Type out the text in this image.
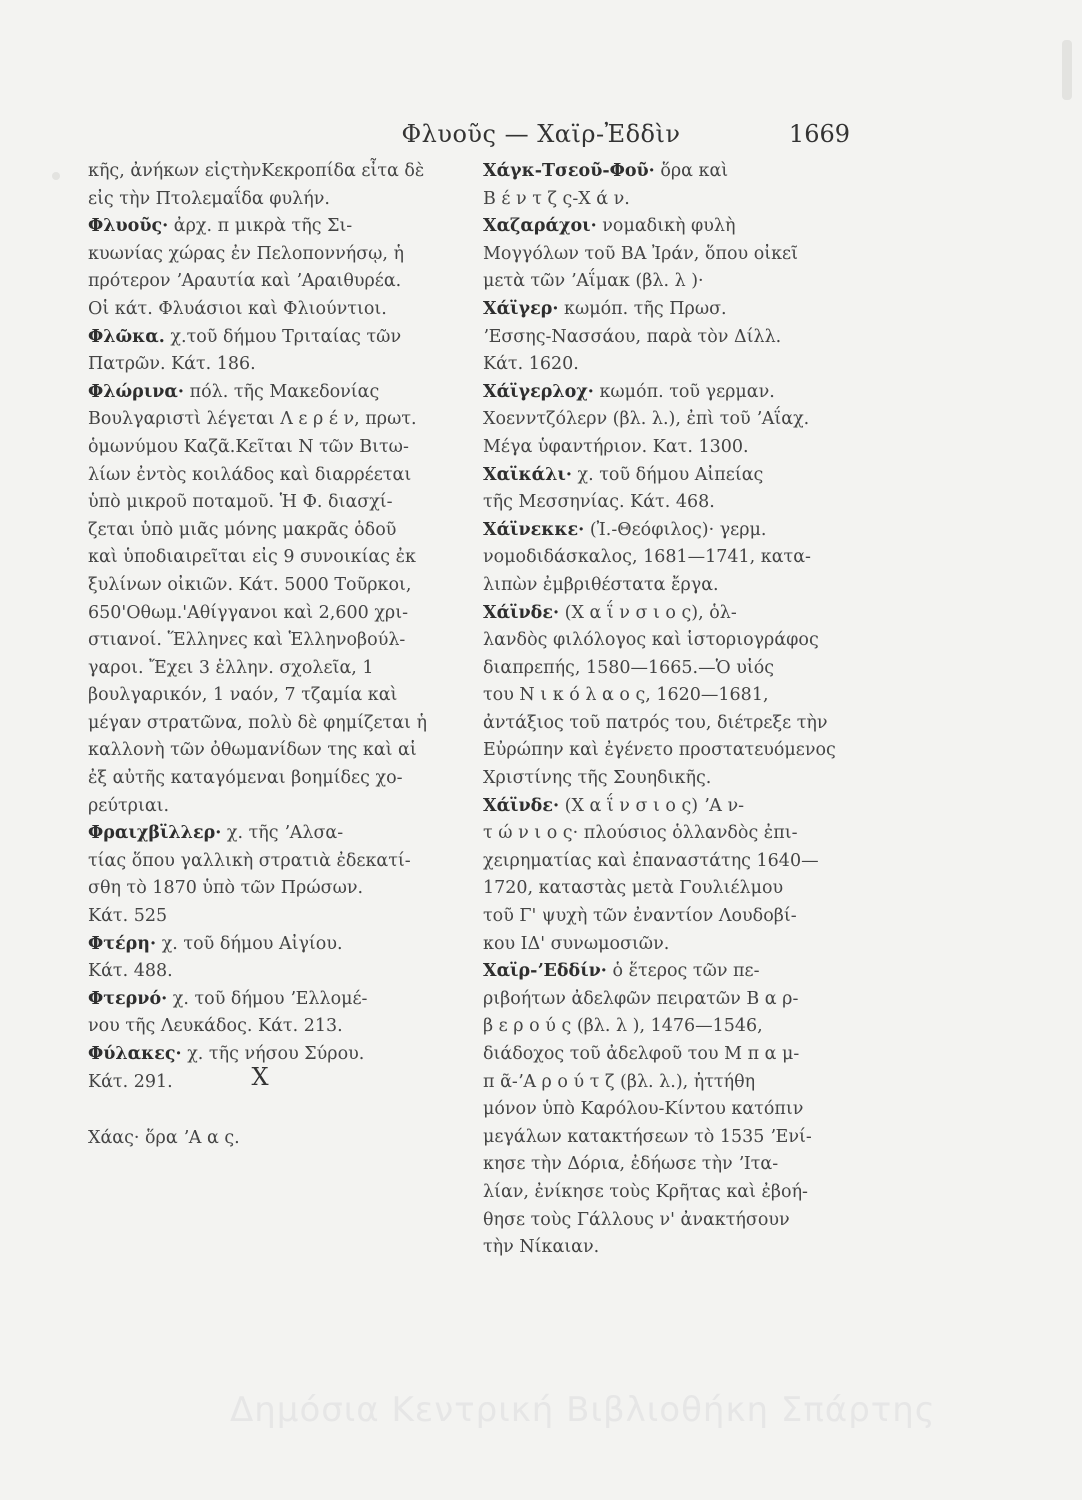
Φλυοῦς — Χαϊρ-Ἐδδὶν	1669
κῆς, ἀνήκων εἰςτὴνΚεκροπίδα εἶτα δὲ
εἰς τὴν Πτολεμαΐδα φυλήν.
Φλυοῦς· ἀρχ. π μικρὰ τῆς Σι-
κυωνίας χώρας ἐν Πελοποννήσῳ, ἡ
πρότερον ʼΑραυτία καὶ ʼΑραιθυρέα.
Οἱ κάτ. Φλυάσιοι καὶ Φλιούντιοι.
Φλῶκα. χ.τοῦ δήμου Τριταίας τῶν
Πατρῶν. Κάτ. 186.
Φλώρινα· πόλ. τῆς Μακεδονίας
Βουλγαριστὶ λέγεται Λ ε ρ έ ν, πρωτ.
ὁμωνύμου Καζᾶ.Κεῖται Ν τῶν Βιτω-
λίων ἐντὸς κοιλάδος καὶ διαρρέεται
ὑπὸ μικροῦ ποταμοῦ. Ἡ Φ. διασχί-
ζεται ὑπὸ μιᾶς μόνης μακρᾶς ὁδοῦ
καὶ ὑποδιαιρεῖται εἰς 9 συνοικίας ἐκ
ξυλίνων οἰκιῶν. Κάτ. 5000 Τοῦρκοι,
650'Οθωμ.'Αθίγγανοι καὶ 2,600 χρι-
στιανοί. Ἕλληνες καὶ Ἑλληνοβούλ-
γαροι. Ἔχει 3 ἑλλην. σχολεῖα, 1
βουλγαρικόν, 1 ναόν, 7 τζαμία καὶ
μέγαν στρατῶνα, πολὺ δὲ φημίζεται ἡ
καλλονὴ τῶν ὀθωμανίδων της καὶ αἱ
ἐξ αὐτῆς καταγόμεναι βοημίδες χο-
ρεύτριαι.
Φραιχβϊλλερ· χ. τῆς ʼΑλσα-
τίας ὅπου γαλλικὴ στρατιὰ ἐδεκατί-
σθη τὸ 1870 ὑπὸ τῶν Πρώσων.
Κάτ. 525
Φτέρη· χ. τοῦ δήμου Αἰγίου.
Κάτ. 488.
Φτερνό· χ. τοῦ δήμου ʼΕλλομέ-
νου τῆς Λευκάδος. Κάτ. 213.
Φύλακες· χ. τῆς νήσου Σύρου.
Κάτ. 291.
Χάγκ-Τσεοῦ-Φοῦ· ὅρα καὶ
Β έ ν τ ζ ς-Χ ά ν.
Χαζαράχοι· νομαδικὴ φυλὴ
Μογγόλων τοῦ ΒΑ Ἰράν, ὅπου οἰκεῖ
μετὰ τῶν ʼΑΐμακ (βλ. λ )·
Χάϊγερ· κωμόπ. τῆς Πρωσ.
ʼΕσσης-Νασσάου, παρὰ τὸν Δίλλ.
Κάτ. 1620.
Χάϊγερλοχ· κωμόπ. τοῦ γερμαν.
Χοενντζόλερν (βλ. λ.), ἐπὶ τοῦ ʼΑΐαχ.
Μέγα ὑφαντήριον. Κατ. 1300.
Χαϊκάλι· χ. τοῦ δήμου Αἰπείας
τῆς Μεσσηνίας. Κάτ. 468.
Χάϊνεκκε· (Ἰ.-Θεόφιλος)· γερμ.
νομοδιδάσκαλος, 1681—1741, κατα-
λιπὼν ἐμβριθέστατα ἔργα.
Χάϊνδε· (Χ α ΐ ν σ ι ο ς), ὁλ-
λανδὸς φιλόλογος καὶ ἱστοριογράφος
διαπρεπής, 1580—1665.—Ὁ υἱός
του Ν ι κ ό λ α ο ς, 1620—1681,
ἀντάξιος τοῦ πατρός του, διέτρεξε τὴν
Εὐρώπην καὶ ἐγένετο προστατευόμενος
Χριστίνης τῆς Σουηδικῆς.
Χάϊνδε· (Χ α ΐ ν σ ι ο ς) ʼΑ ν-
τ ώ ν ι ο ς· πλούσιος ὁλλανδὸς ἐπι-
χειρηματίας καὶ ἐπαναστάτης 1640—
1720, καταστὰς μετὰ Γουλιέλμου
τοῦ Γ' ψυχὴ τῶν ἐναντίον Λουδοβί-
κου ΙΔ' συνωμοσιῶν.
Χαϊρ-ʼΕδδίν· ὁ ἕτερος τῶν πε-
ριβοήτων ἀδελφῶν πειρατῶν Β α ρ-
β ε ρ ο ύ ς (βλ. λ ), 1476—1546,
διάδοχος τοῦ ἀδελφοῦ του Μ π α μ-
π ᾶ-ʼΑ ρ ο ύ τ ζ (βλ. λ.), ἡττήθη
μόνον ὑπὸ Καρόλου-Κίντου κατόπιν
μεγάλων κατακτήσεων τὸ 1535 ʼΕνί-
κησε τὴν Δόρια, ἐδήωσε τὴν ʼΙτα-
λίαν, ἐνίκησε τοὺς Κρῆτας καὶ ἐβοή-
θησε τοὺς Γάλλους ν' ἀνακτήσουν
τὴν Νίκαιαν.
Χ
Χάας· ὅρα ʼΑ α ς.
Δημόσια Κεντρική Βιβλιοθήκη Σπάρτης
